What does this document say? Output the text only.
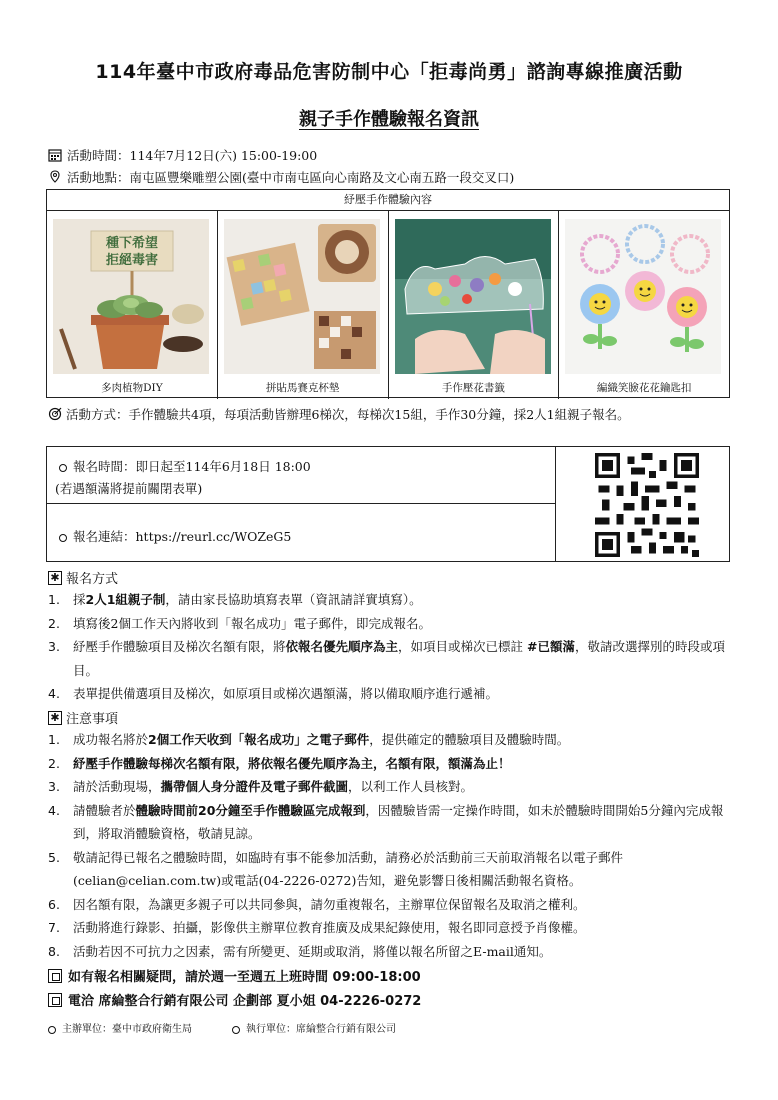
114年臺中市政府毒品危害防制中心「拒毒尚勇」諮詢專線推廣活動
親子手作體驗報名資訊
活動時間：114年7月12日(六) 15:00-19:00
活動地點：南屯區豐樂雕塑公園(臺中市南屯區向心南路及文心南五路一段交叉口)
紓壓手作體驗內容
種下希望
拒絕毒害
多肉植物DIY	拼貼馬賽克杯墊	手作壓花書籤	編織笑臉花花鑰匙扣
活動方式：手作體驗共4項，每項活動皆辦理6梯次，每梯次15組，手作30分鐘，採2人1組親子報名。
報名時間：即日起至114年6月18日 18:00
(若遇額滿將提前關閉表單)
報名連結：https://reurl.cc/WOZeG5
✱ 報名方式
1. 採2人1組親子制，請由家長協助填寫表單（資訊請詳實填寫）。
2. 填寫後2個工作天內將收到「報名成功」電子郵件，即完成報名。
3. 紓壓手作體驗項目及梯次名額有限，將依報名優先順序為主，如項目或梯次已標註 #已額滿，敬請改選擇別的時段或項目。
4. 表單提供備選項目及梯次，如原項目或梯次遇額滿，將以備取順序進行遞補。
✱ 注意事項
1. 成功報名將於2個工作天收到「報名成功」之電子郵件，提供確定的體驗項目及體驗時間。
2. 紓壓手作體驗每梯次名額有限，將依報名優先順序為主，名額有限，額滿為止！
3. 請於活動現場，攜帶個人身分證件及電子郵件截圖，以利工作人員核對。
4. 請體驗者於體驗時間前20分鐘至手作體驗區完成報到，因體驗皆需一定操作時間，如未於體驗時間開始5分鐘內完成報到，將取消體驗資格，敬請見諒。
5. 敬請記得已報名之體驗時間，如臨時有事不能參加活動，請務必於活動前三天前取消報名以電子郵件(celian@celian.com.tw)或電話(04-2226-0272)告知，避免影響日後相關活動報名資格。
6. 因名額有限，為讓更多親子可以共同參與，請勿重複報名，主辦單位保留報名及取消之權利。
7. 活動將進行錄影、拍攝，影像供主辦單位教育推廣及成果紀錄使用，報名即同意授予肖像權。
8. 活動若因不可抗力之因素，需有所變更、延期或取消，將僅以報名所留之E-mail通知。
如有報名相關疑問，請於週一至週五上班時間 09:00-18:00
電洽 席綸整合行銷有限公司 企劃部 夏小姐 04-2226-0272
主辦單位：臺中市政府衛生局	執行單位：席綸整合行銷有限公司
